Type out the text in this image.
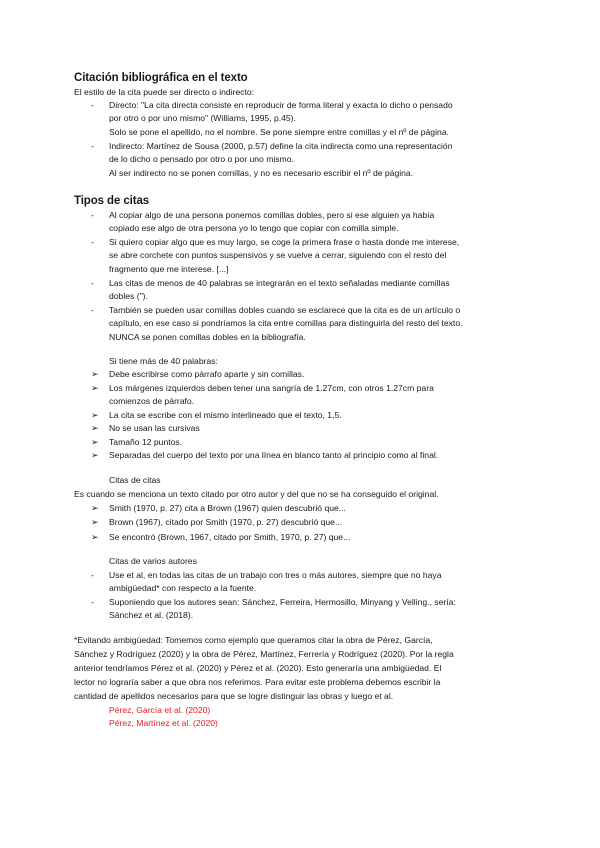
Citación bibliográfica en el texto
El estilo de la cita puede ser directo o indirecto:
- Directo: "La cita directa consiste en reproducir de forma literal y exacta lo dicho o pensado
por otro o por uno mismo" (Williams, 1995, p.45).
Solo se pone el apellido, no el nombre. Se pone siempre entre comillas y el nº de página.
- Indirecto: Martínez de Sousa (2000, p.57) define la cita indirecta como una representación
de lo dicho o pensado por otro o por uno mismo.
Al ser indirecto no se ponen comillas, y no es necesario escribir el nº de página.
Tipos de citas
- Al copiar algo de una persona ponemos comillas dobles, pero si ese alguien ya había
copiado ese algo de otra persona yo lo tengo que copiar con comilla simple.
- Si quiero copiar algo que es muy largo, se coge la primera frase o hasta donde me interese,
se abre corchete con puntos suspensivos y se vuelve a cerrar, siguiendo con el resto del
fragmento que me interese. [...]
- Las citas de menos de 40 palabras se integrarán en el texto señaladas mediante comillas
dobles (").
- También se pueden usar comillas dobles cuando se esclarece que la cita es de un artículo o
capítulo, en ese caso si pondríamos la cita entre comillas para distinguirla del resto del texto.
NUNCA se ponen comillas dobles en la bibliografía.
Si tiene más de 40 palabras:
➢ Debe escribirse como párrafo aparte y sin comillas.
➢ Los márgenes izquierdos deben tener una sangría de 1.27cm, con otros 1.27cm para
comienzos de párrafo.
➢ La cita se escribe con el mismo interlineado que el texto, 1,5.
➢ No se usan las cursivas
➢ Tamaño 12 puntos.
➢ Separadas del cuerpo del texto por una línea en blanco tanto al principio como al final.
Citas de citas
Es cuando se menciona un texto citado por otro autor y del que no se ha conseguido el original.
➢ Smith (1970, p. 27) cita a Brown (1967) quien descubrió que...
➢ Brown (1967), citado por Smith (1970, p. 27) descubrió que...
➢ Se encontró (Brown, 1967, citado por Smith, 1970, p. 27) que...
Citas de varios autores
- Use et al, en todas las citas de un trabajo con tres o más autores, siempre que no haya
ambigüedad* con respecto a la fuente.
- Suponiendo que los autores sean: Sánchez, Ferreira, Hermosillo, Minyang y Velling., sería:
Sánchez et al. (2018).
*Evitando ambigüedad: Tomemos como ejemplo que queramos citar la obra de Pérez, García,
Sánchez y Rodríguez (2020) y la obra de Pérez, Martínez, Ferrería y Rodríguez (2020). Por la regla
anterior tendríamos Pérez et al. (2020) y Pérez et al. (2020). Esto generaría una ambigüedad. El
lector no lograría saber a que obra nos referimos. Para evitar este problema debemos escribir la
cantidad de apellidos necesarios para que se logre distinguir las obras y luego et al.
Pérez, García et al. (2020)
Pérez, Martínez et al. (2020)
